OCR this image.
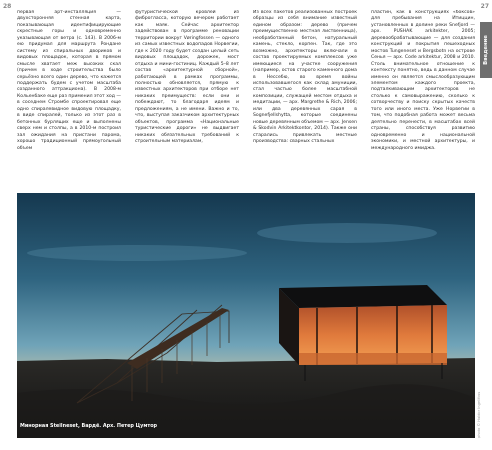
28	27
Введение
первая арт-инсталляция — двухсторонняя стенная карта, показывающая идентифицирующие скрестные горы и одновременно указывающая от ветра (с. 143). В 2006-м ею придумал для маршрута Рондане систему из спиральных двориков и видовых площадок, которая в прямом смысле хватает меж высоких скал (причем в ходе строительства было серьёзно всего один дерево, что кажется поддержать будем с учетом масштаба созданного аттракциона). В 2008-м Кольенбаке еще раз применил этот ход — в соседнем Стромбе спроектировал еще одно спиралевидное видовую площадку, в виде спиралей, только из этот раз в бетонных бурлящих еще и выполнены сверх нем и столпы, а в 2010-м построил зал ожидания на пристани парома, хорошо традиционный прямоугольный объем
футуристической кровлей из фиброгласса, которую вечером работает как маяк. Сейчас архитектор задействован в программе реновации территории вокруг Vøringfossen — одного из самых известных водопадов Норвегии, где к 2020 году будет создан целый сеть видовых площадок, дорожек, мост отдыха и мини-гостиниц. Каждый 5–8 лет состав «архитектурной сборной», работающей в рамках программы, полностью обновляется, прямую к известных архитекторов при отборе нет никаких преимуществ: если они и побеждают, то благодаря идеям и предложениям, а не имени. Важно и то, что, выступая заказчиком архитектурных объектов, программа «Национальные туристические дороги» не выдвигает никаких обязательных требований к строительным материалам,
Из всех пакетов реализованных построек образцы из себя внимание известный едином образом: дерево (причем преимущественно местная лиственница), необработанный бетон, натуральный камень, стекло, корпен. Так, где это возможно, архитекторы включали в состав проектируемых комплексов уже имеющиеся на участке сооружения (например, остов старого каменного дома в Нессебю, во время войны использовавшегося как склад амуниции, стал частью более масштабной композиции, служащей местом отдыха и медитации, — арх. Margrethe & Rich, 2006; или два деревянных сарая в Sognefjellshytta, которые соединены новые деревянным объемом — арх. Jensen & Skodvin Arkitektkontor, 2014). Также они старались привлекать местные производства: сварных стальных
пластин, как в конструкциях «боксов» для пребывания на Итиццин, установленных в долине реки Snefjord — арх. PUSHAK arkitekter, 2005; деревообрабатывающие — для создания конструкций и покрытия пешеходных мостов Tungeneset и Bergsbotn на острове Сенья — арх. Code arkitektur, 2008 и 2010. Столь внимательное отношение к контексту понятно, ведь в данном случае именно он является смыслообразующим элементом каждого проекта, подталкивающим архитекторов не столько к самовыражению, сколько к сотворчеству и поиску скрытых качеств того или иного места. Уже Норвегии в том, что подобная работа может весьма деятельно перенести, в масштабах всей страны, способствуя развитию одновременно и национальной экономики, и местной архитектуры, и международного имиджа.
Минорная Steilneset, Вардё. Арх. Петер Цумтор	photo © Haldor Ingelifoss
